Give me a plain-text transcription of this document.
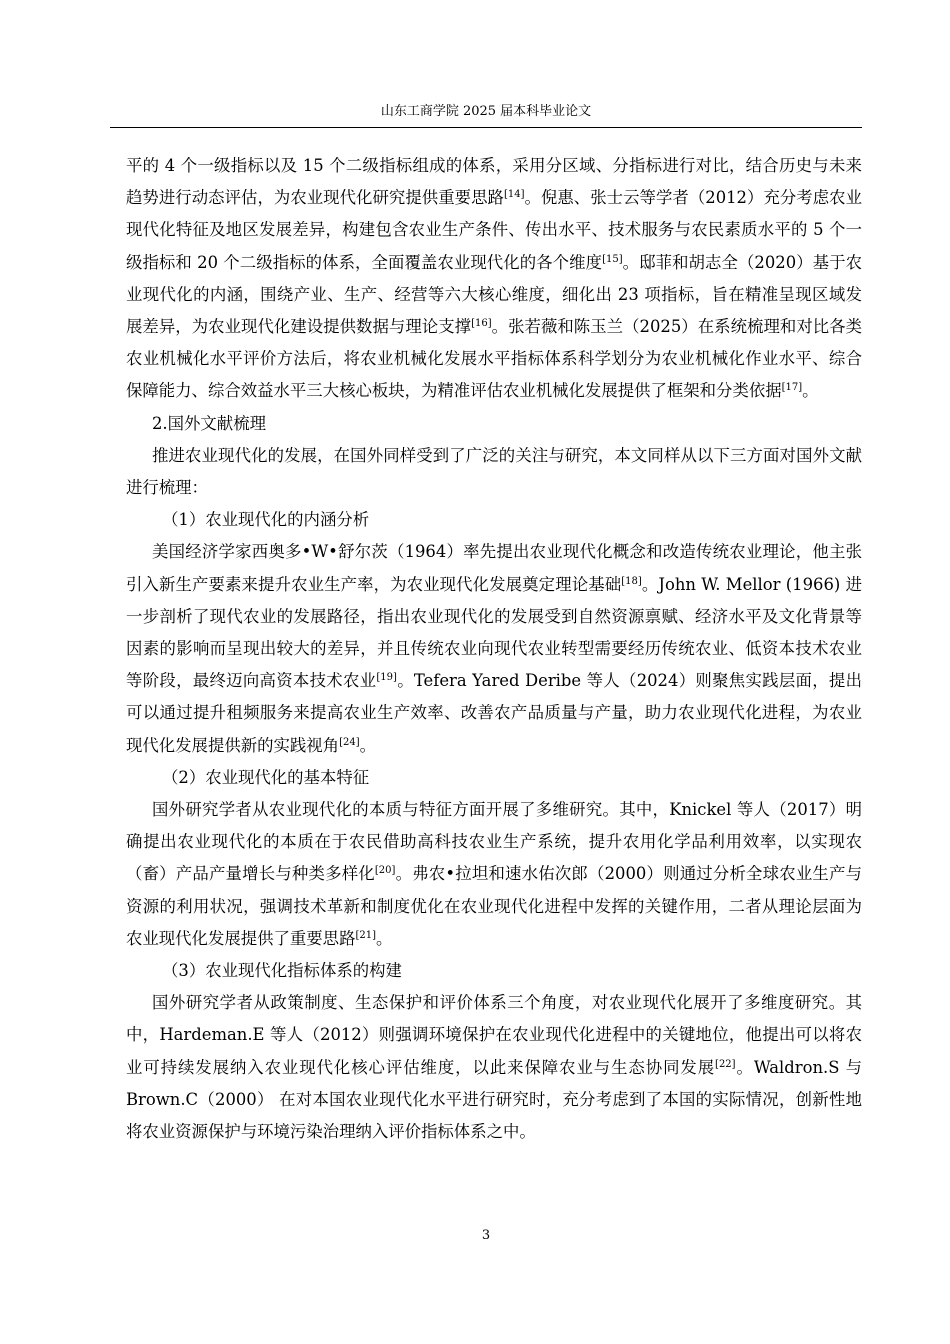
山东工商学院 2025 届本科毕业论文

平的 4 个一级指标以及 15 个二级指标组成的体系，采用分区域、分指标进行对比，结合历史与未来趋势进行动态评估，为农业现代化研究提供重要思路[14]。倪惠、张士云等学者（2012）充分考虑农业现代化特征及地区发展差异，构建包含农业生产条件、传出水平、技术服务与农民素质水平的 5 个一级指标和 20 个二级指标的体系，全面覆盖农业现代化的各个维度[15]。邸菲和胡志全（2020）基于农业现代化的内涵，围绕产业、生产、经营等六大核心维度，细化出 23 项指标，旨在精准呈现区域发展差异，为农业现代化建设提供数据与理论支撑[16]。张若薇和陈玉兰（2025）在系统梳理和对比各类农业机械化水平评价方法后，将农业机械化发展水平指标体系科学划分为农业机械化作业水平、综合保障能力、综合效益水平三大核心板块，为精准评估农业机械化发展提供了框架和分类依据[17]。

2.国外文献梳理

推进农业现代化的发展，在国外同样受到了广泛的关注与研究，本文同样从以下三方面对国外文献进行梳理：

（1）农业现代化的内涵分析

美国经济学家西奥多•W•舒尔茨（1964）率先提出农业现代化概念和改造传统农业理论，他主张引入新生产要素来提升农业生产率，为农业现代化发展奠定理论基础[18]。John W. Mellor (1966) 进一步剖析了现代农业的发展路径，指出农业现代化的发展受到自然资源禀赋、经济水平及文化背景等因素的影响而呈现出较大的差异，并且传统农业向现代农业转型需要经历传统农业、低资本技术农业等阶段，最终迈向高资本技术农业[19]。Tefera Yared Deribe 等人（2024）则聚焦实践层面，提出可以通过提升租频服务来提高农业生产效率、改善农产品质量与产量，助力农业现代化进程，为农业现代化发展提供新的实践视角[24]。

（2）农业现代化的基本特征

国外研究学者从农业现代化的本质与特征方面开展了多维研究。其中，Knickel 等人（2017）明确提出农业现代化的本质在于农民借助高科技农业生产系统，提升农用化学品利用效率，以实现农（畜）产品产量增长与种类多样化[20]。弗农•拉坦和速水佑次郎（2000）则通过分析全球农业生产与资源的利用状况，强调技术革新和制度优化在农业现代化进程中发挥的关键作用，二者从理论层面为农业现代化发展提供了重要思路[21]。

（3）农业现代化指标体系的构建

国外研究学者从政策制度、生态保护和评价体系三个角度，对农业现代化展开了多维度研究。其中，Hardeman.E 等人（2012）则强调环境保护在农业现代化进程中的关键地位，他提出可以将农业可持续发展纳入农业现代化核心评估维度，以此来保障农业与生态协同发展[22]。Waldron.S 与 Brown.C（2000） 在对本国农业现代化水平进行研究时，充分考虑到了本国的实际情况，创新性地将农业资源保护与环境污染治理纳入评价指标体系之中。

3
